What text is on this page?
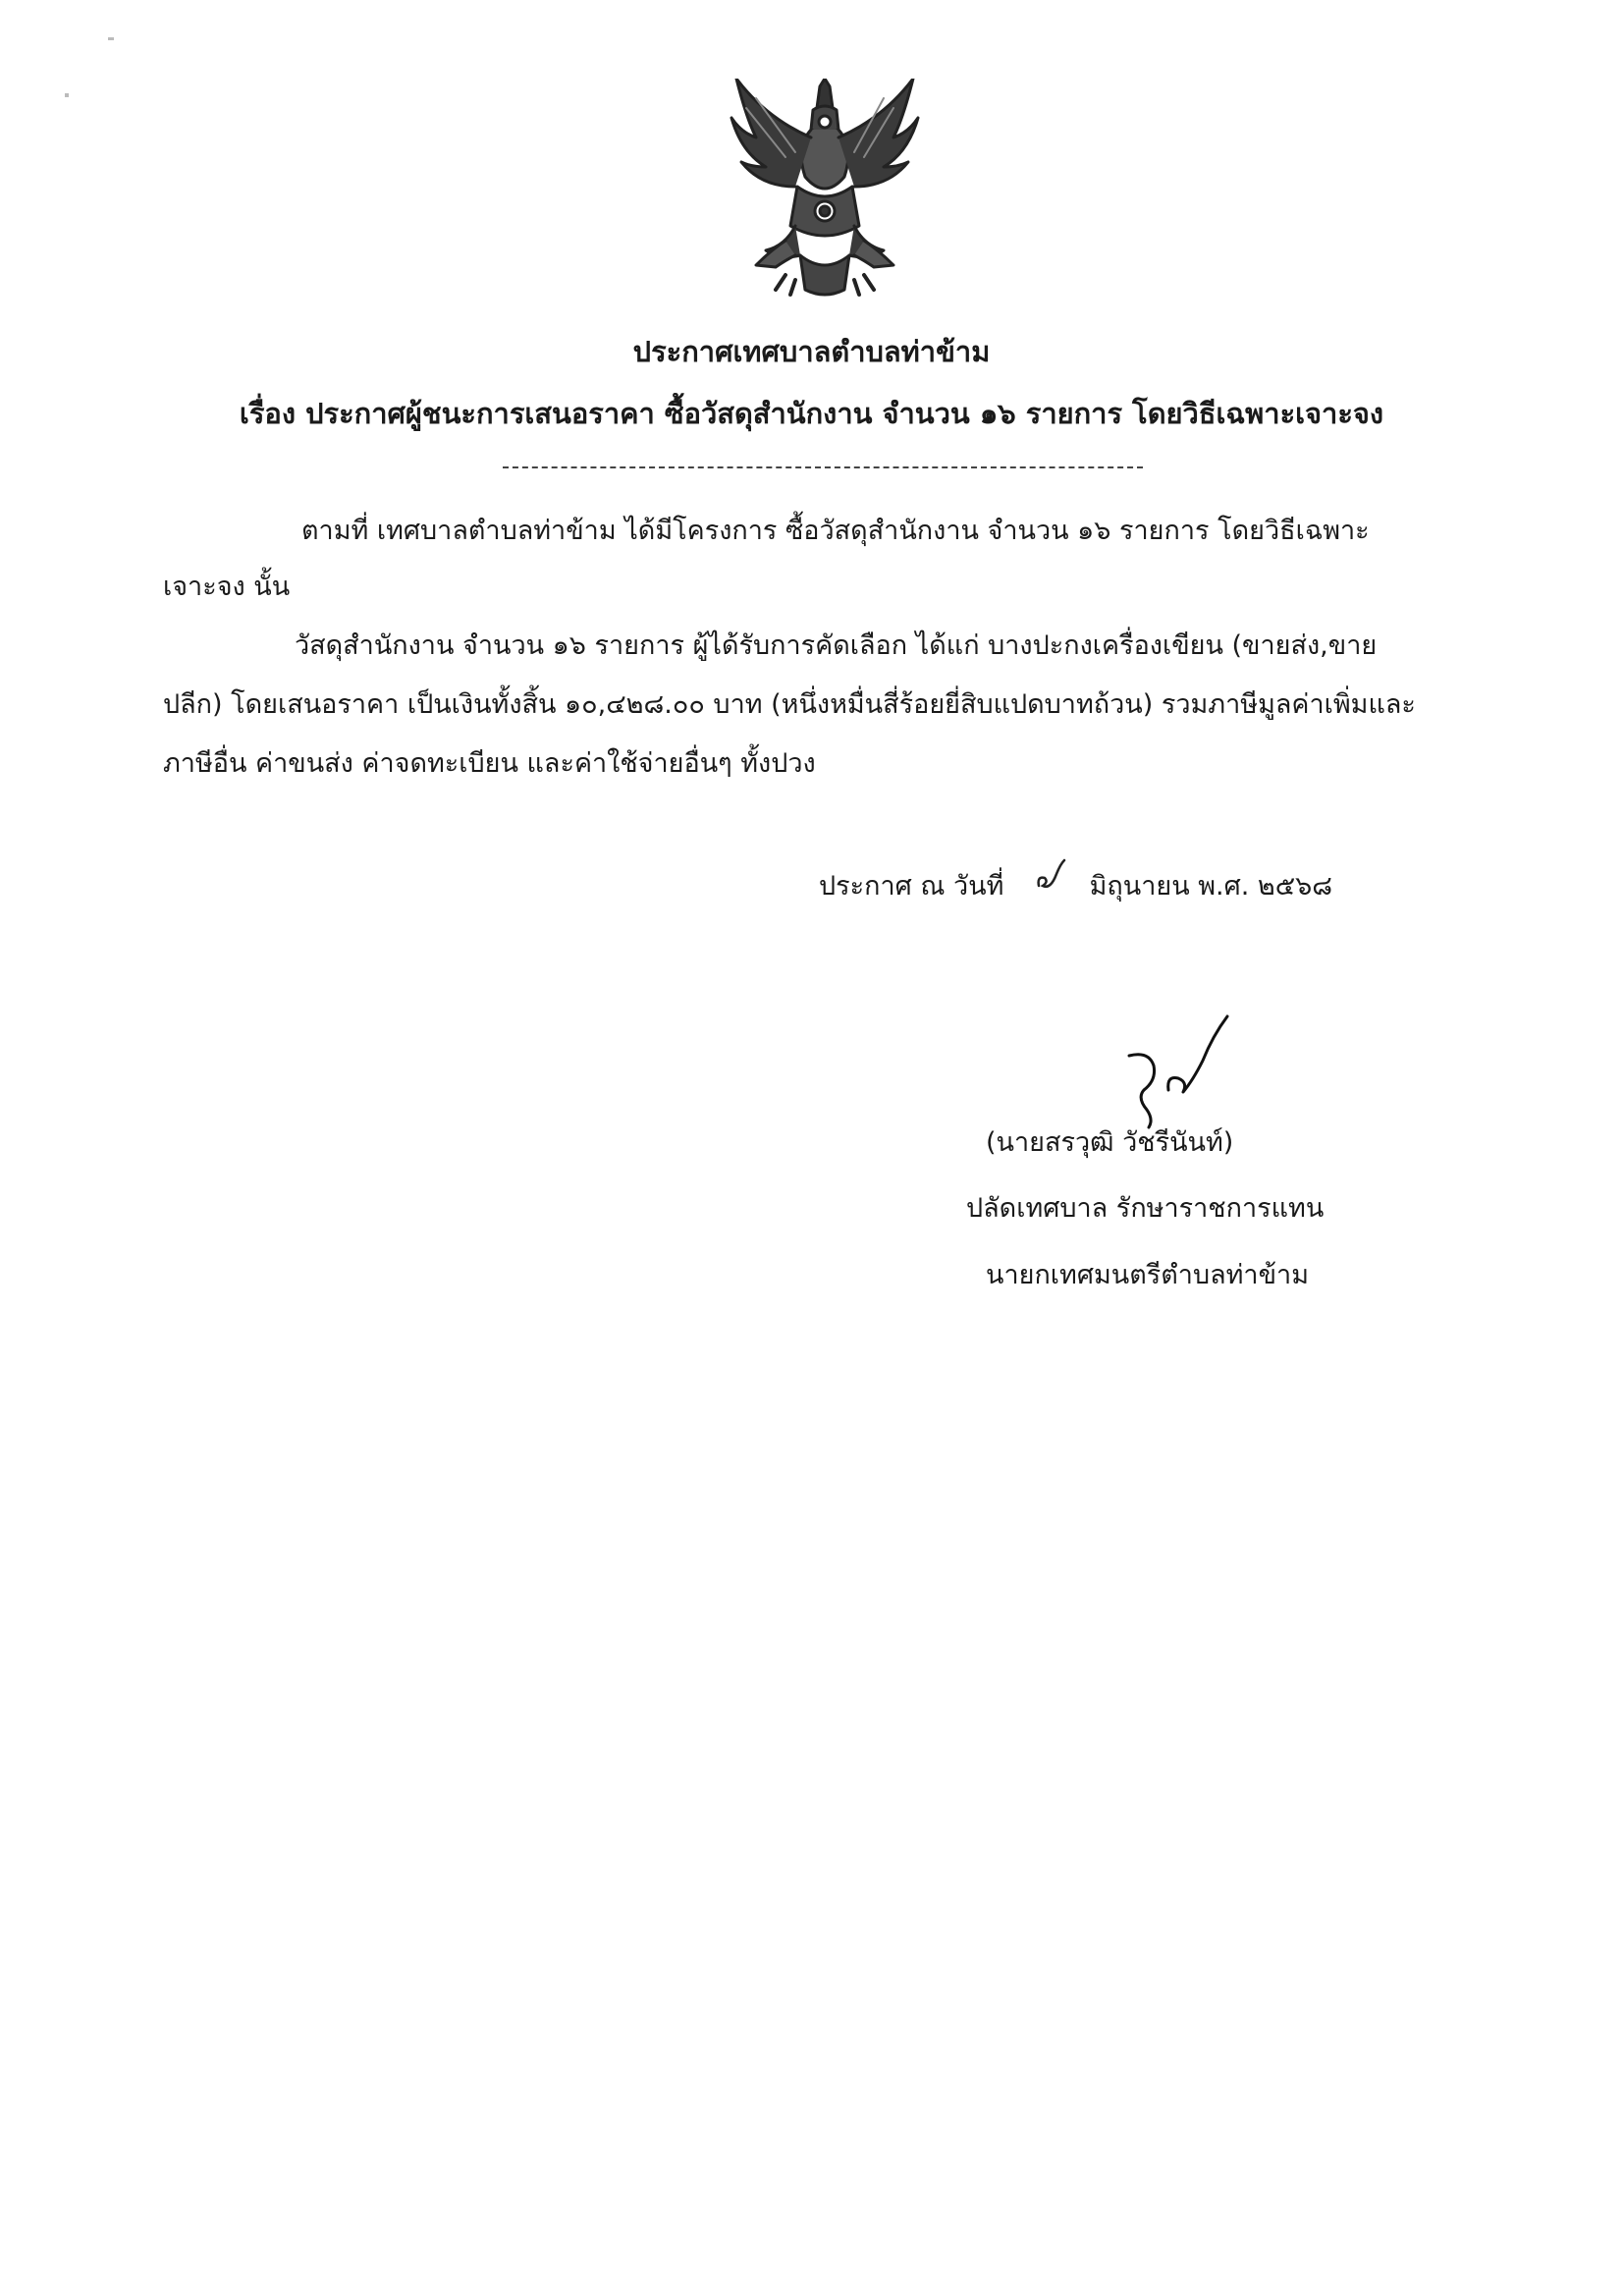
ประกาศเทศบาลตำบลท่าข้าม
เรื่อง ประกาศผู้ชนะการเสนอราคา ซื้อวัสดุสำนักงาน จำนวน ๑๖ รายการ โดยวิธีเฉพาะเจาะจง
ตามที่ เทศบาลตำบลท่าข้าม ได้มีโครงการ ซื้อวัสดุสำนักงาน จำนวน ๑๖ รายการ โดยวิธีเฉพาะ
เจาะจง นั้น
วัสดุสำนักงาน จำนวน ๑๖ รายการ ผู้ได้รับการคัดเลือก ได้แก่ บางปะกงเครื่องเขียน (ขายส่ง,ขาย
ปลีก) โดยเสนอราคา เป็นเงินทั้งสิ้น ๑๐,๔๒๘.๐๐ บาท (หนึ่งหมื่นสี่ร้อยยี่สิบแปดบาทถ้วน) รวมภาษีมูลค่าเพิ่มและ
ภาษีอื่น ค่าขนส่ง ค่าจดทะเบียน และค่าใช้จ่ายอื่นๆ ทั้งปวง
ประกาศ ณ วันที่	มิถุนายน พ.ศ. ๒๕๖๘
(นายสรวุฒิ วัชรีนันท์)
ปลัดเทศบาล รักษาราชการแทน
นายกเทศมนตรีตำบลท่าข้าม
